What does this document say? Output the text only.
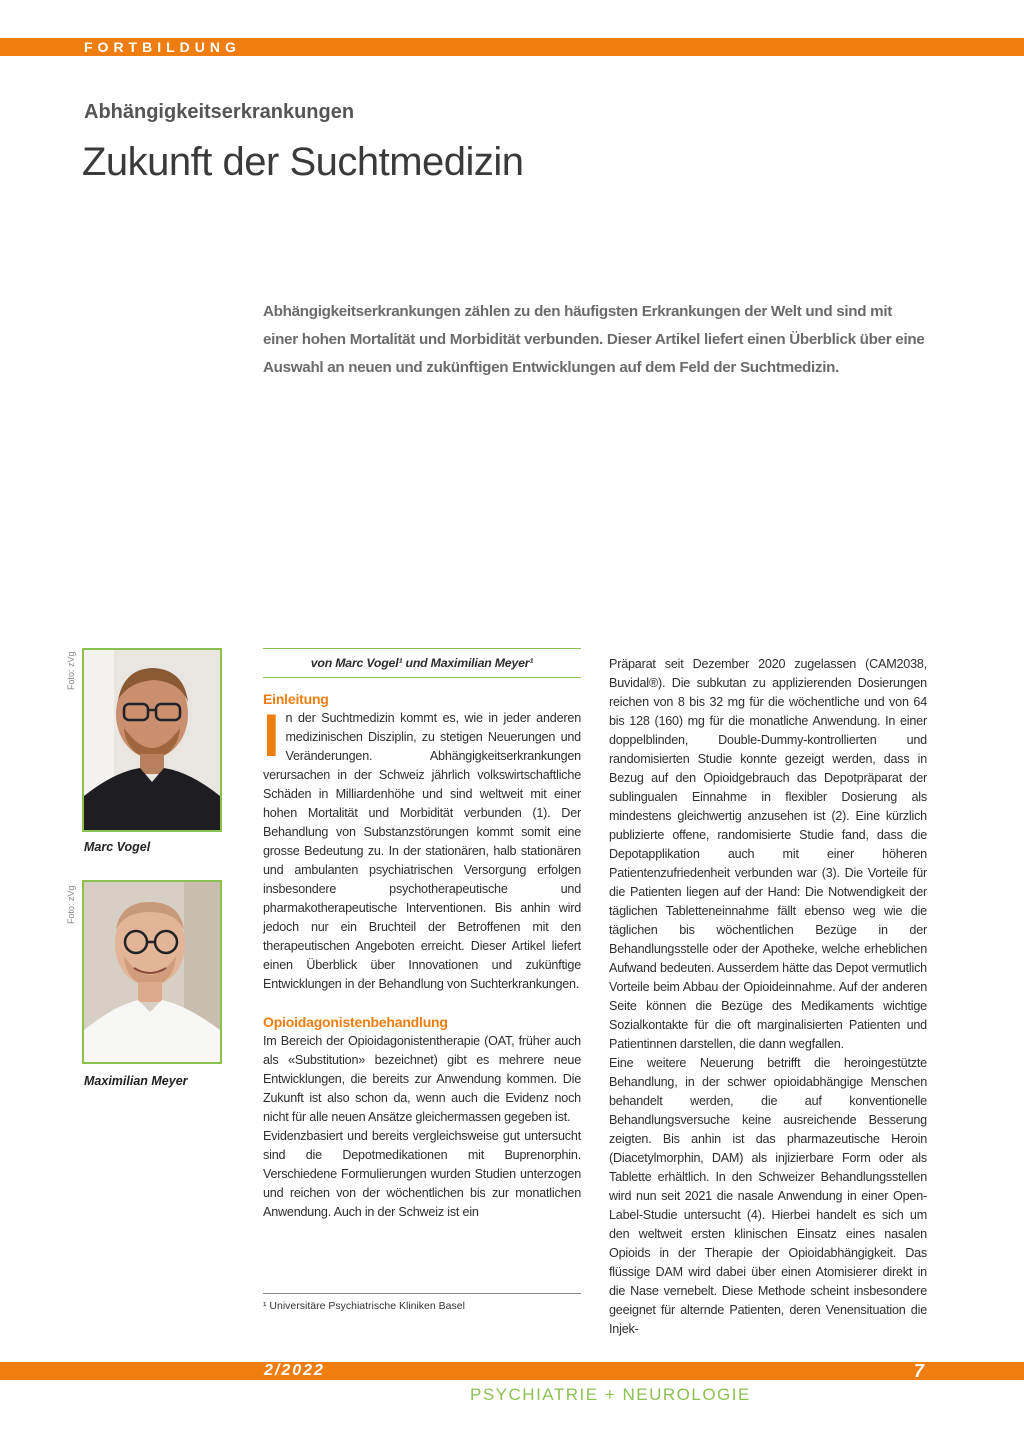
FORTBILDUNG
Abhängigkeitserkrankungen
Zukunft der Suchtmedizin
Abhängigkeitserkrankungen zählen zu den häufigsten Erkrankungen der Welt und sind mit einer hohen Mortalität und Morbidität verbunden. Dieser Artikel liefert einen Überblick über eine Auswahl an neuen und zukünftigen Entwicklungen auf dem Feld der Suchtmedizin.
Foto: zVg
Marc Vogel
Foto: zVg
Maximilian Meyer
von Marc Vogel¹ und Maximilian Meyer¹
Einleitung

In der Suchtmedizin kommt es, wie in jeder anderen medizinischen Disziplin, zu stetigen Neuerungen und Veränderungen. Abhängigkeitserkrankungen verursachen in der Schweiz jährlich volkswirtschaftliche Schäden in Milliardenhöhe und sind weltweit mit einer hohen Mortalität und Morbidität verbunden (1). Der Behandlung von Substanzstörungen kommt somit eine grosse Bedeutung zu. In der stationären, halb stationären und ambulanten psychiatrischen Versorgung erfolgen insbesondere psychotherapeutische und pharmakotherapeutische Interventionen. Bis anhin wird jedoch nur ein Bruchteil der Betroffenen mit den therapeutischen Angeboten erreicht. Dieser Artikel liefert einen Überblick über Innovationen und zukünftige Entwicklungen in der Behandlung von Suchterkrankungen.

Opioidagonistenbehandlung

Im Bereich der Opioidagonistentherapie (OAT, früher auch als «Substitution» bezeichnet) gibt es mehrere neue Entwicklungen, die bereits zur Anwendung kommen. Die Zukunft ist also schon da, wenn auch die Evidenz noch nicht für alle neuen Ansätze gleichermassen gegeben ist.

Evidenzbasiert und bereits vergleichsweise gut untersucht sind die Depotmedikationen mit Buprenorphin. Verschiedene Formulierungen wurden Studien unterzogen und reichen von der wöchentlichen bis zur monatlichen Anwendung. Auch in der Schweiz ist ein

¹ Universitäre Psychiatrische Kliniken Basel

Präparat seit Dezember 2020 zugelassen (CAM2038, Buvidal®). Die subkutan zu applizierenden Dosierungen reichen von 8 bis 32 mg für die wöchentliche und von 64 bis 128 (160) mg für die monatliche Anwendung. In einer doppelblinden, Double-Dummy-kontrollierten und randomisierten Studie konnte gezeigt werden, dass in Bezug auf den Opioidgebrauch das Depotpräparat der sublingualen Einnahme in flexibler Dosierung als mindestens gleichwertig anzusehen ist (2). Eine kürzlich publizierte offene, randomisierte Studie fand, dass die Depotapplikation auch mit einer höheren Patientenzufriedenheit verbunden war (3). Die Vorteile für die Patienten liegen auf der Hand: Die Notwendigkeit der täglichen Tabletteneinnahme fällt ebenso weg wie die täglichen bis wöchentlichen Bezüge in der Behandlungsstelle oder der Apotheke, welche erheblichen Aufwand bedeuten. Ausserdem hätte das Depot vermutlich Vorteile beim Abbau der Opioideinnahme. Auf der anderen Seite können die Bezüge des Medikaments wichtige Sozialkontakte für die oft marginalisierten Patienten und Patientinnen darstellen, die dann wegfallen.

Eine weitere Neuerung betrifft die heroingestützte Behandlung, in der schwer opioidabhängige Menschen behandelt werden, die auf konventionelle Behandlungsversuche keine ausreichende Besserung zeigten. Bis anhin ist das pharmazeutische Heroin (Diacetylmorphin, DAM) als injizierbare Form oder als Tablette erhältlich. In den Schweizer Behandlungsstellen wird nun seit 2021 die nasale Anwendung in einer Open-Label-Studie untersucht (4). Hierbei handelt es sich um den weltweit ersten klinischen Einsatz eines nasalen Opioids in der Therapie der Opioidabhängigkeit. Das flüssige DAM wird dabei über einen Atomisierer direkt in die Nase vernebelt. Diese Methode scheint insbesondere geeignet für alternde Patienten, deren Venensituation die Injek-

2/2022	7
PSYCHIATRIE + NEUROLOGIE
